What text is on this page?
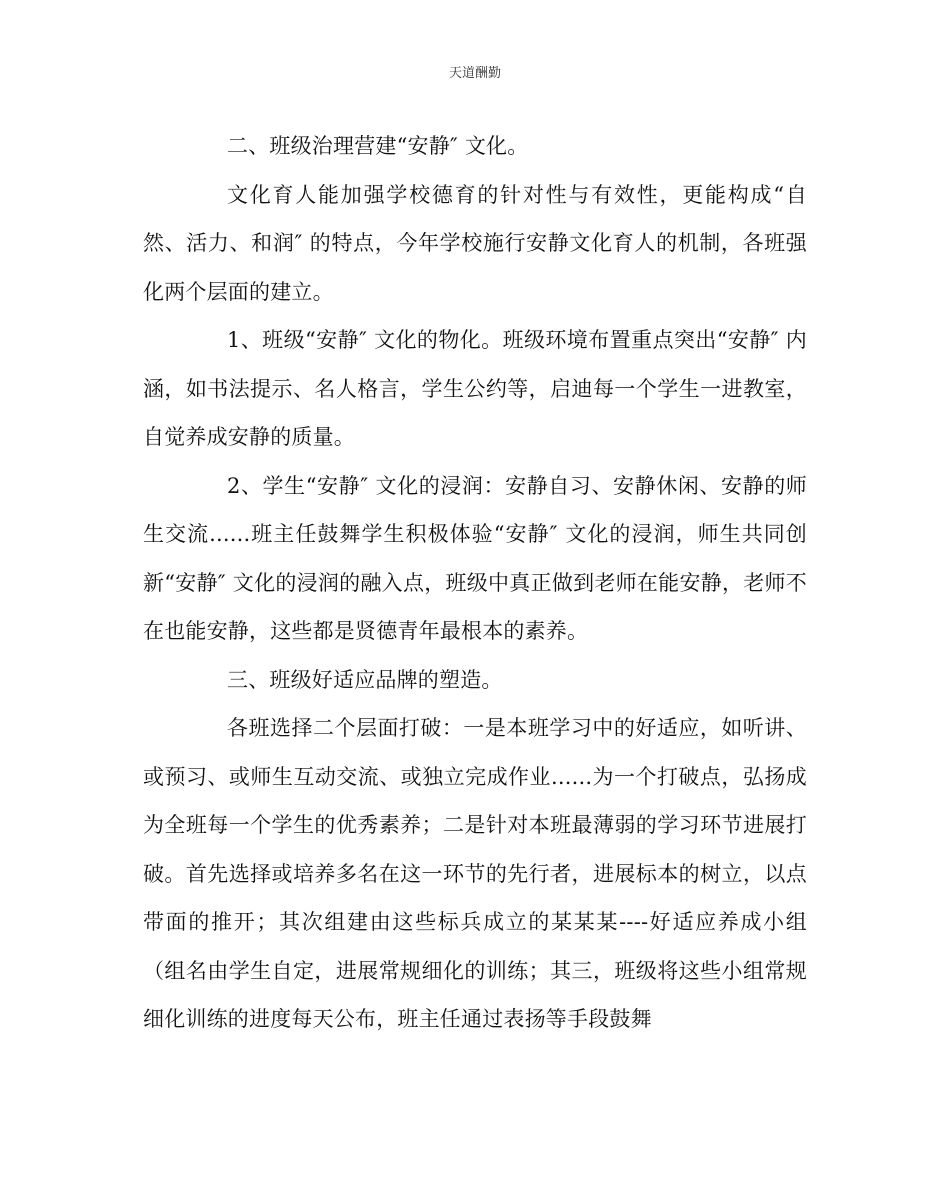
天道酬勤

二、班级治理营建“安静″ 文化。

文化育人能加强学校德育的针对性与有效性，更能构成“自然、活力、和润″ 的特点，今年学校施行安静文化育人的机制，各班强化两个层面的建立。

1、班级“安静″ 文化的物化。班级环境布置重点突出“安静″ 内涵，如书法提示、名人格言，学生公约等，启迪每一个学生一进教室，自觉养成安静的质量。

2、学生“安静″ 文化的浸润：安静自习、安静休闲、安静的师生交流......班主任鼓舞学生积极体验“安静″ 文化的浸润，师生共同创新“安静″ 文化的浸润的融入点，班级中真正做到老师在能安静，老师不在也能安静，这些都是贤德青年最根本的素养。

三、班级好适应品牌的塑造。

各班选择二个层面打破：一是本班学习中的好适应，如听讲、或预习、或师生互动交流、或独立完成作业......为一个打破点，弘扬成为全班每一个学生的优秀素养；二是针对本班最薄弱的学习环节进展打破。首先选择或培养多名在这一环节的先行者，进展标本的树立，以点带面的推开；其次组建由这些标兵成立的某某某----好适应养成小组（组名由学生自定，进展常规细化的训练；其三，班级将这些小组常规细化训练的进度每天公布，班主任通过表扬等手段鼓舞
